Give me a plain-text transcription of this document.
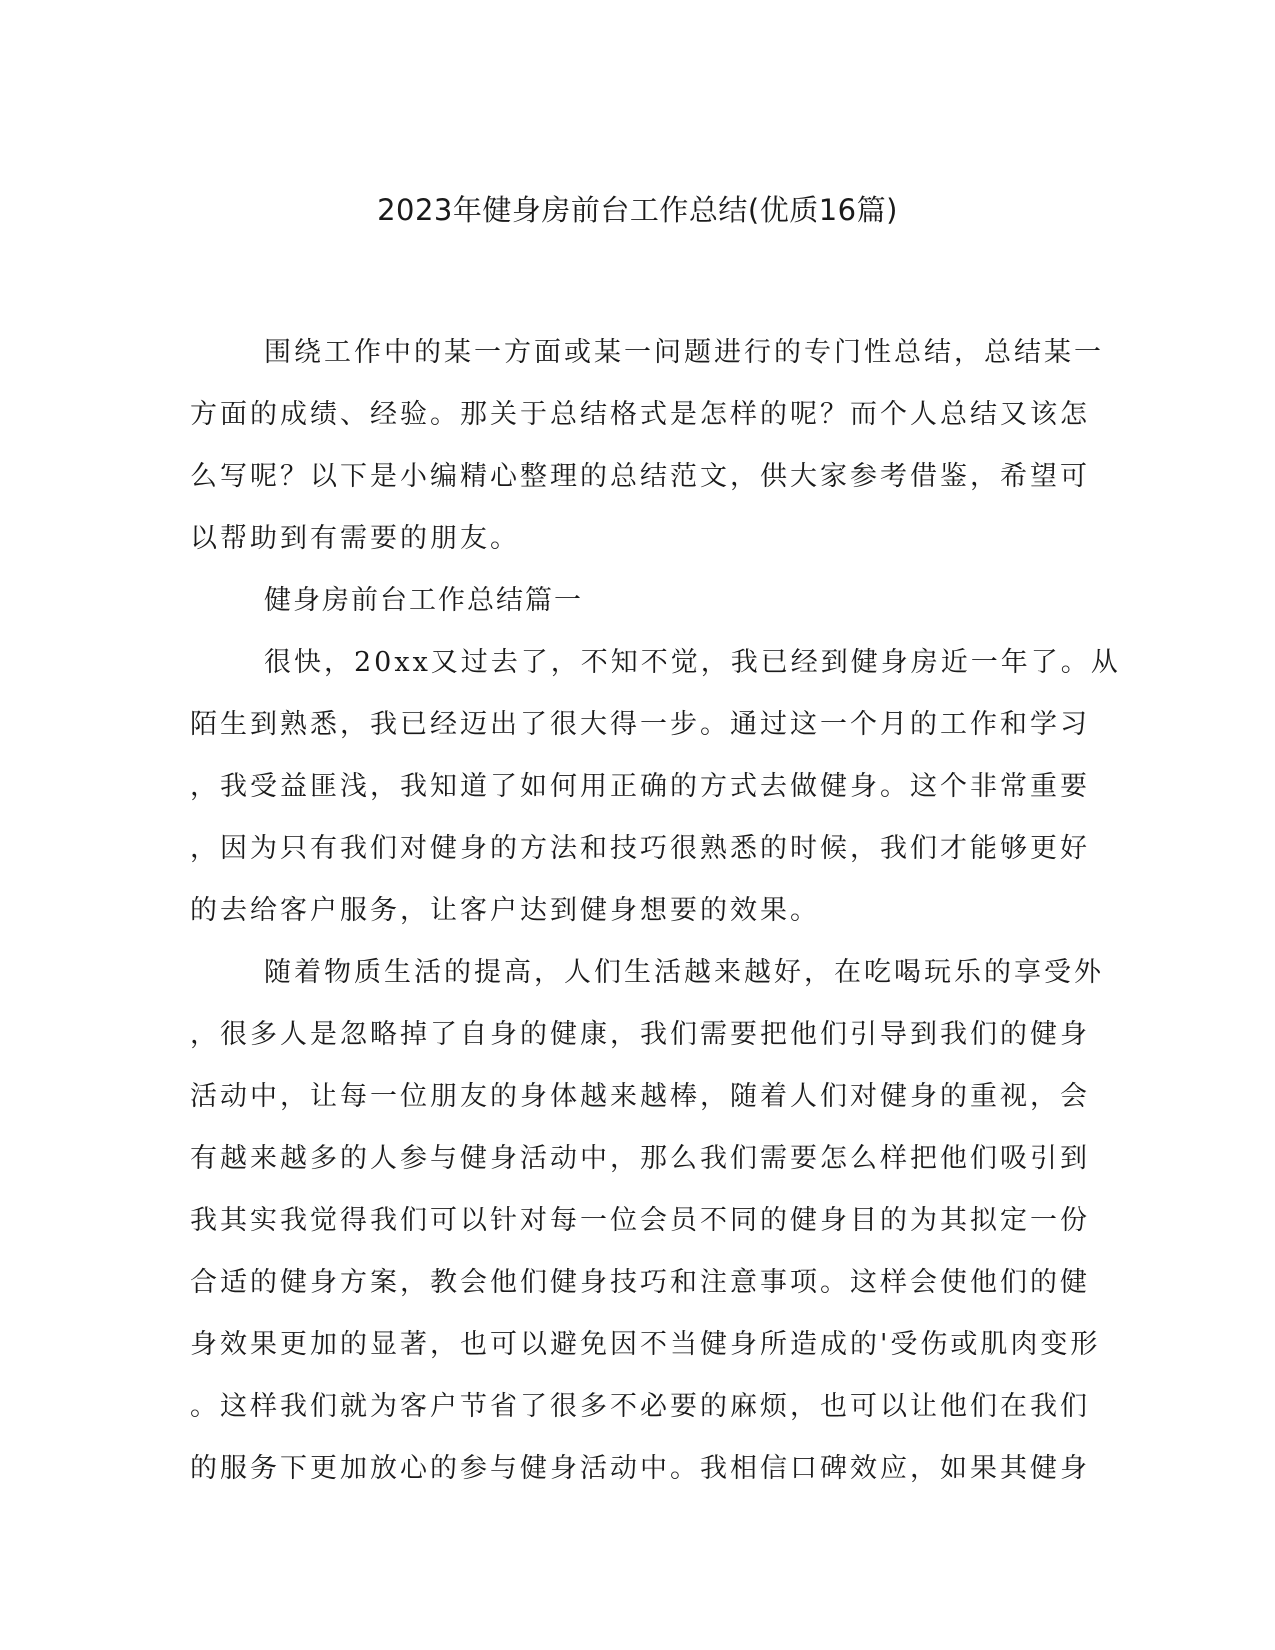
2023年健身房前台工作总结(优质16篇)
围绕工作中的某一方面或某一问题进行的专门性总结，总结某一
方面的成绩、经验。那关于总结格式是怎样的呢？而个人总结又该怎
么写呢？以下是小编精心整理的总结范文，供大家参考借鉴，希望可
以帮助到有需要的朋友。
健身房前台工作总结篇一
很快，20xx又过去了，不知不觉，我已经到健身房近一年了。从
陌生到熟悉，我已经迈出了很大得一步。通过这一个月的工作和学习
，我受益匪浅，我知道了如何用正确的方式去做健身。这个非常重要
，因为只有我们对健身的方法和技巧很熟悉的时候，我们才能够更好
的去给客户服务，让客户达到健身想要的效果。
随着物质生活的提高，人们生活越来越好，在吃喝玩乐的享受外
，很多人是忽略掉了自身的健康，我们需要把他们引导到我们的健身
活动中，让每一位朋友的身体越来越棒，随着人们对健身的重视，会
有越来越多的人参与健身活动中，那么我们需要怎么样把他们吸引到
我其实我觉得我们可以针对每一位会员不同的健身目的为其拟定一份
合适的健身方案，教会他们健身技巧和注意事项。这样会使他们的健
身效果更加的显著，也可以避免因不当健身所造成的'受伤或肌肉变形
。这样我们就为客户节省了很多不必要的麻烦，也可以让他们在我们
的服务下更加放心的参与健身活动中。我相信口碑效应，如果其健身
